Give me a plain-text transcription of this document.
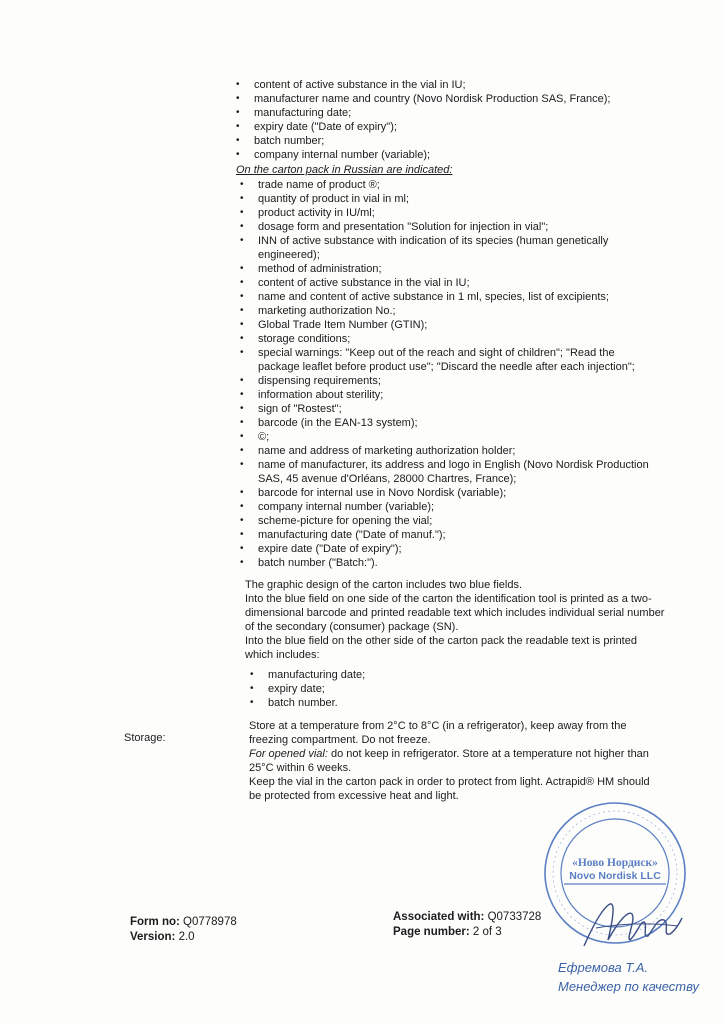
• content of active substance in the vial in IU;
• manufacturer name and country (Novo Nordisk Production SAS, France);
• manufacturing date;
• expiry date ("Date of expiry");
• batch number;
• company internal number (variable);
On the carton pack in Russian are indicated:
• trade name of product ®;
• quantity of product in vial in ml;
• product activity in IU/ml;
• dosage form and presentation "Solution for injection in vial";
• INN of active substance with indication of its species (human genetically engineered);
• method of administration;
• content of active substance in the vial in IU;
• name and content of active substance in 1 ml, species, list of excipients;
• marketing authorization No.;
• Global Trade Item Number (GTIN);
• storage conditions;
• special warnings: "Keep out of the reach and sight of children"; "Read the package leaflet before product use"; "Discard the needle after each injection";
• dispensing requirements;
• information about sterility;
• sign of "Rostest";
• barcode (in the EAN-13 system);
• ©;
• name and address of marketing authorization holder;
• name of manufacturer, its address and logo in English (Novo Nordisk Production SAS, 45 avenue d'Orléans, 28000 Chartres, France);
• barcode for internal use in Novo Nordisk (variable);
• company internal number (variable);
• scheme-picture for opening the vial;
• manufacturing date ("Date of manuf.");
• expire date ("Date of expiry");
• batch number ("Batch:").
The graphic design of the carton includes two blue fields.
Into the blue field on one side of the carton the identification tool is printed as a two-dimensional barcode and printed readable text which includes individual serial number of the secondary (consumer) package (SN).
Into the blue field on the other side of the carton pack the readable text is printed which includes:
• manufacturing date;
• expiry date;
• batch number.
Storage:
Store at a temperature from 2°C to 8°C (in a refrigerator), keep away from the freezing compartment. Do not freeze.
For opened vial: do not keep in refrigerator. Store at a temperature not higher than 25°C within 6 weeks.
Keep the vial in the carton pack in order to protect from light. Actrapid® HM should be protected from excessive heat and light.
Form no: Q0778978
Version: 2.0
Associated with: Q0733728
Page number: 2 of 3
«Ново Нордиск»
Novo Nordisk LLC
Ефремова Т.А.
Менеджер по качеству
